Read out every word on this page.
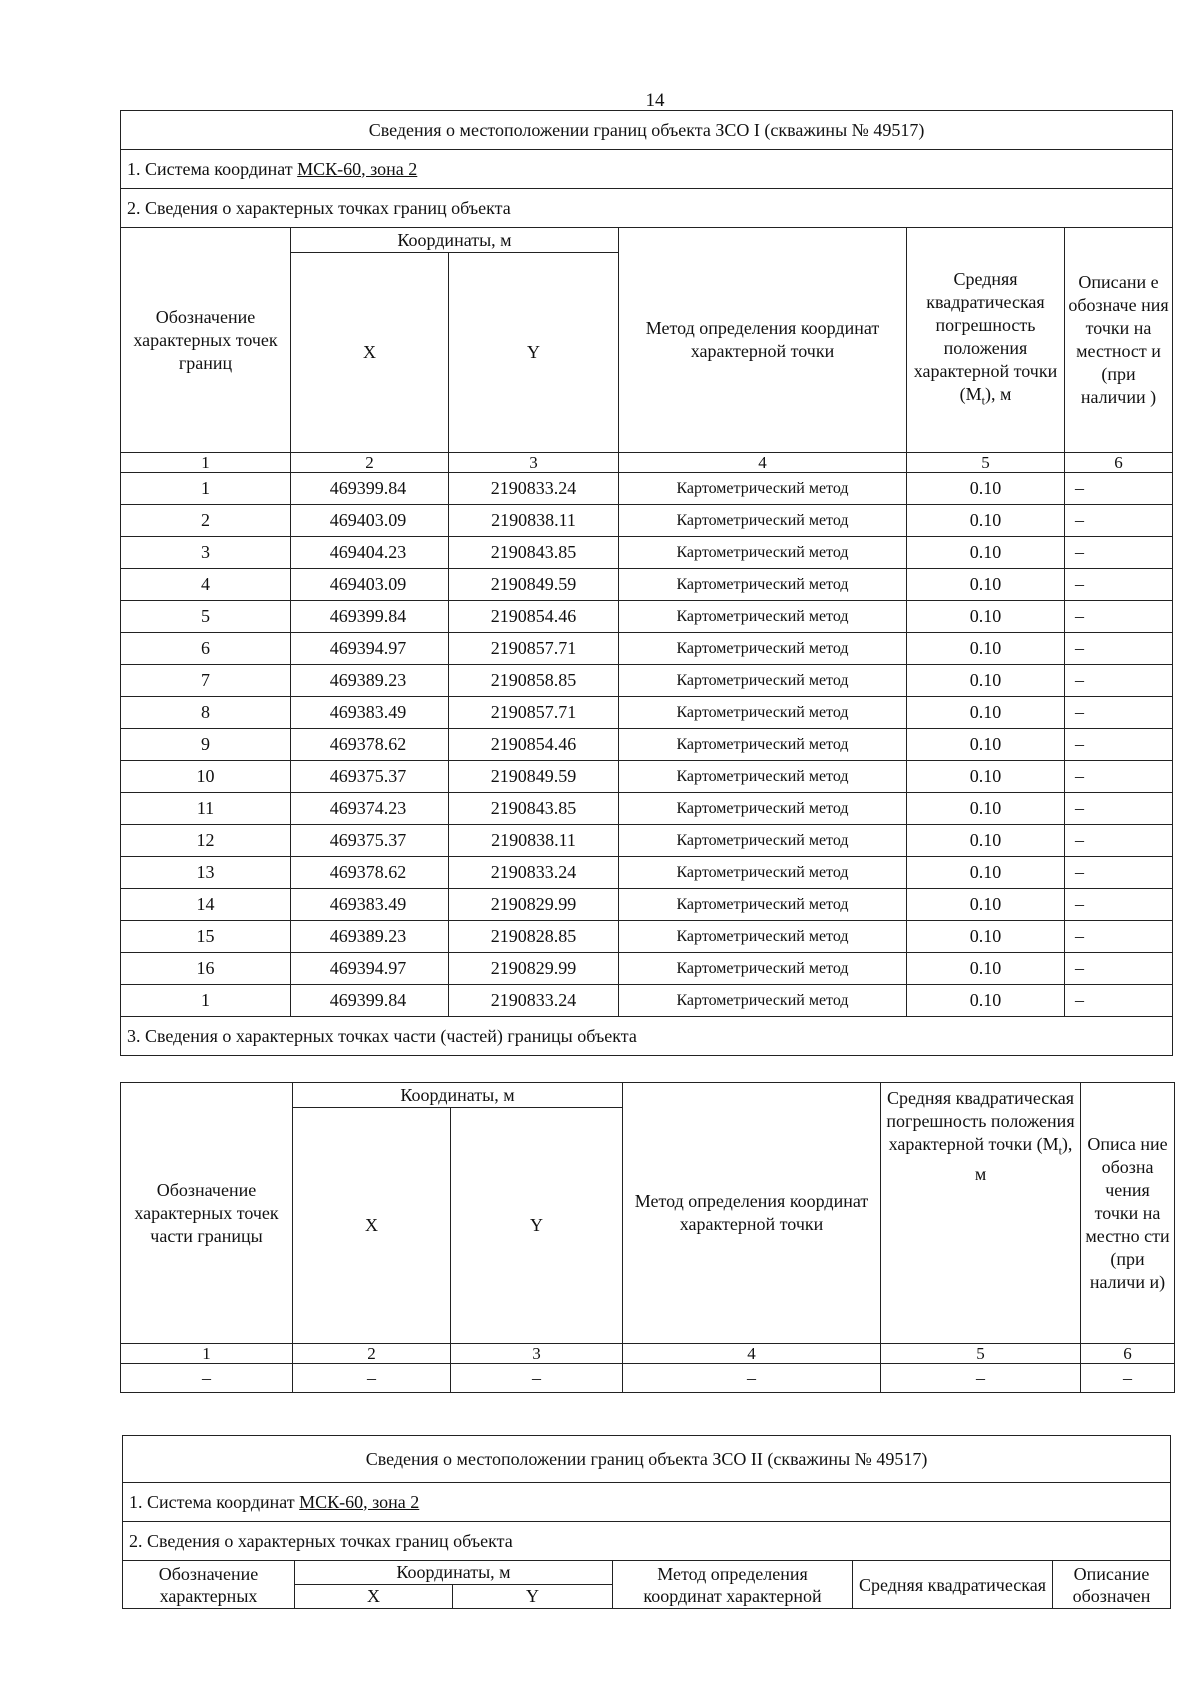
14
Сведения о местоположении границ объекта ЗСО I (скважины № 49517)					
1. Система координат МСК-60, зона 2					
2. Сведения о характерных точках границ объекта					
Обозначение характерных точек границ	Координаты, м		Метод определения координат характерной точки	Средняя квадратическая погрешность положения характерной точки $(M_t)$, м	Описани е обозначе ния точки на местност и (при наличии )
	X	Y			
1	2	3	4	5	6
1	469399.84	2190833.24	Картометрический метод	0.10	–
2	469403.09	2190838.11	Картометрический метод	0.10	–
3	469404.23	2190843.85	Картометрический метод	0.10	–
4	469403.09	2190849.59	Картометрический метод	0.10	–
5	469399.84	2190854.46	Картометрический метод	0.10	–
6	469394.97	2190857.71	Картометрический метод	0.10	–
7	469389.23	2190858.85	Картометрический метод	0.10	–
8	469383.49	2190857.71	Картометрический метод	0.10	–
9	469378.62	2190854.46	Картометрический метод	0.10	–
10	469375.37	2190849.59	Картометрический метод	0.10	–
11	469374.23	2190843.85	Картометрический метод	0.10	–
12	469375.37	2190838.11	Картометрический метод	0.10	–
13	469378.62	2190833.24	Картометрический метод	0.10	–
14	469383.49	2190829.99	Картометрический метод	0.10	–
15	469389.23	2190828.85	Картометрический метод	0.10	–
16	469394.97	2190829.99	Картометрический метод	0.10	–
1	469399.84	2190833.24	Картометрический метод	0.10	–
3. Сведения о характерных точках части (частей) границы объекта					
Обозначение характерных точек части границы	Координаты, м		Метод определения координат характерной точки	Средняя квадратическая погрешность положения характерной точки $(M_t)$, м	Описа ние обозна чения точки на местно сти (при наличи и)
	X	Y			
1	2	3	4	5	6
–	–	–	–	–	–
Сведения о местоположении границ объекта ЗСО II (скважины № 49517)					
1. Система координат МСК-60, зона 2					
2. Сведения о характерных точках границ объекта					
Обозначение характерных	Координаты, м		Метод определения координат характерной	Средняя квадратическая	Описание обозначен
	X	Y			
